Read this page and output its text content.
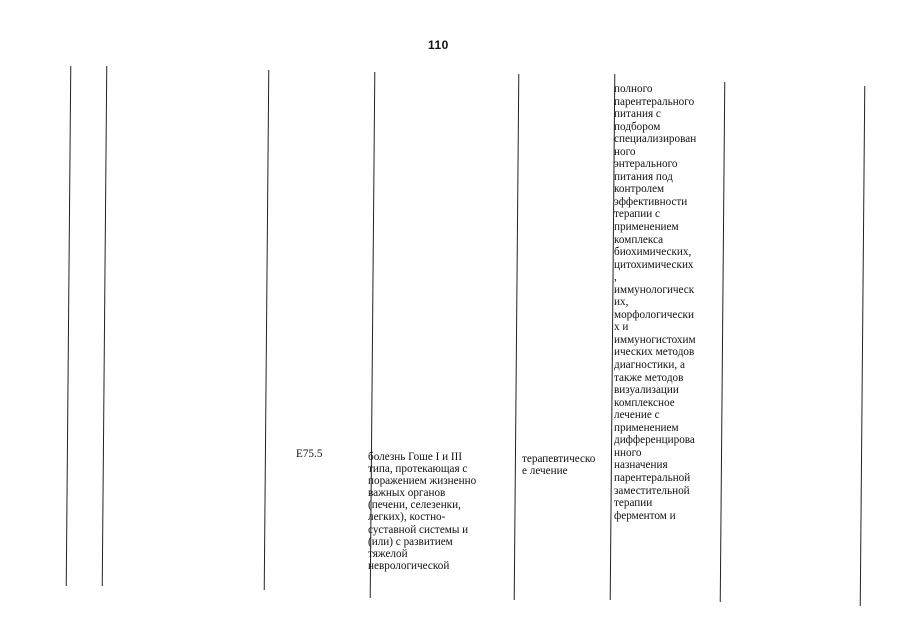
110
E75.5	болезнь Гоше I и III
типа, протекающая с
поражением жизненно
важных органов
(печени, селезенки,
легких), костно-
суставной системы и
(или) с развитием
тяжелой
неврологической
терапевтическо
е лечение
полного
парентерального
питания с
подбором
специализирован
ного
энтерального
питания под
контролем
эффективности
терапии с
применением
комплекса
биохимических,
цитохимических
,
иммунологическ
их,
морфологически
х и
иммуногистохим
ических методов
диагностики, а
также методов
визуализации
комплексное
лечение с
применением
дифференцирова
нного
назначения
парентеральной
заместительной
терапии
ферментом и
